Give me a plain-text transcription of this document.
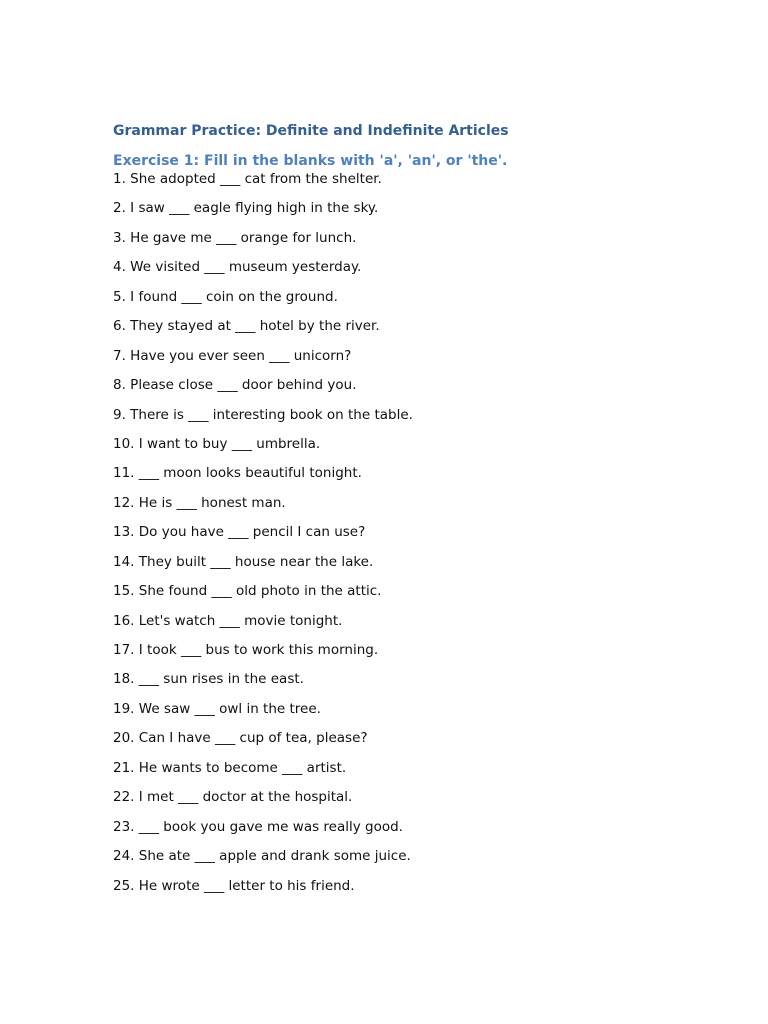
Grammar Practice: Definite and Indefinite Articles
Exercise 1: Fill in the blanks with 'a', 'an', or 'the'.
1. She adopted ___ cat from the shelter.
2. I saw ___ eagle flying high in the sky.
3. He gave me ___ orange for lunch.
4. We visited ___ museum yesterday.
5. I found ___ coin on the ground.
6. They stayed at ___ hotel by the river.
7. Have you ever seen ___ unicorn?
8. Please close ___ door behind you.
9. There is ___ interesting book on the table.
10. I want to buy ___ umbrella.
11. ___ moon looks beautiful tonight.
12. He is ___ honest man.
13. Do you have ___ pencil I can use?
14. They built ___ house near the lake.
15. She found ___ old photo in the attic.
16. Let's watch ___ movie tonight.
17. I took ___ bus to work this morning.
18. ___ sun rises in the east.
19. We saw ___ owl in the tree.
20. Can I have ___ cup of tea, please?
21. He wants to become ___ artist.
22. I met ___ doctor at the hospital.
23. ___ book you gave me was really good.
24. She ate ___ apple and drank some juice.
25. He wrote ___ letter to his friend.
